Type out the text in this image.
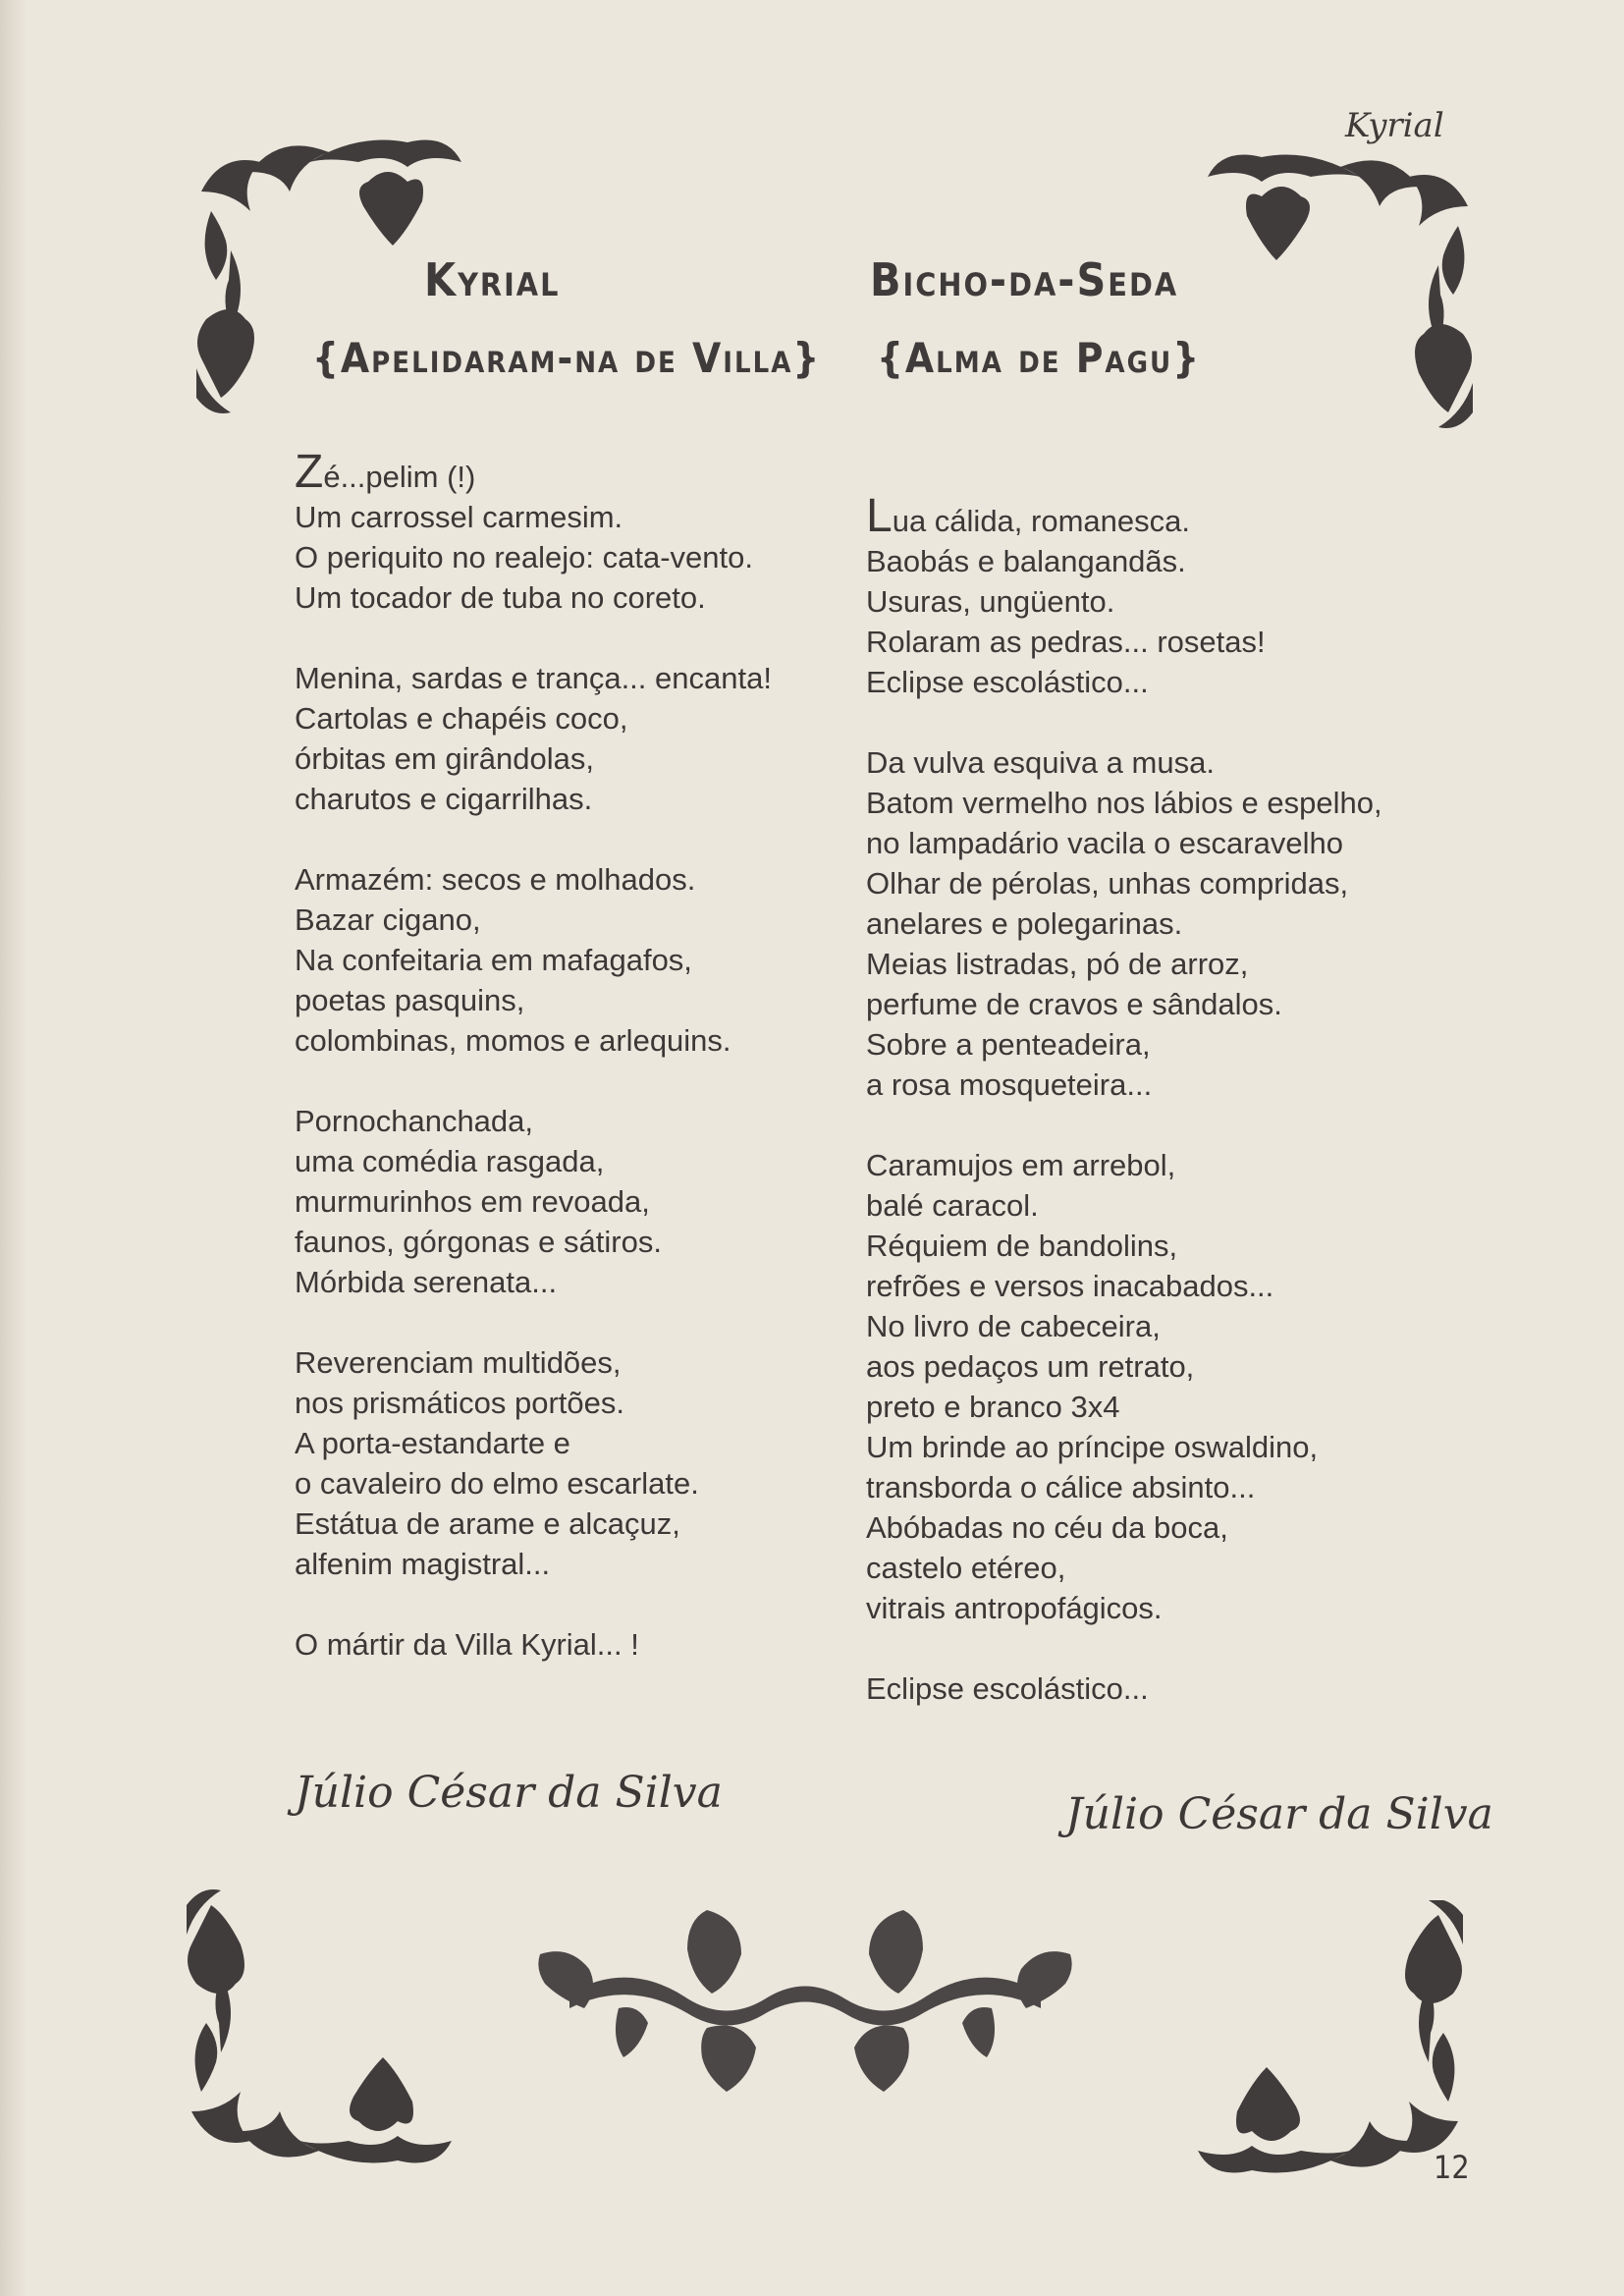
Kyrial
Kyrial
{Apelidaram-na de Villa}
Zé...pelim (!)
Um carrossel carmesim.
O periquito no realejo: cata-vento.
Um tocador de tuba no coreto.
Menina, sardas e trança... encanta!
Cartolas e chapéis coco,
órbitas em girândolas,
charutos e cigarrilhas.
Armazém: secos e molhados.
Bazar cigano,
Na confeitaria em mafagafos,
poetas pasquins,
colombinas, momos e arlequins.
Pornochanchada,
uma comédia rasgada,
murmurinhos em revoada,
faunos, górgonas e sátiros.
Mórbida serenata...
Reverenciam multidões,
nos prismáticos portões.
A porta-estandarte e
o cavaleiro do elmo escarlate.
Estátua de arame e alcaçuz,
alfenim magistral...
O mártir da Villa Kyrial... !
Júlio César da Silva
Bicho-da-Seda
{Alma de Pagu}
Lua cálida, romanesca.
Baobás e balangandãs.
Usuras, ungüento.
Rolaram as pedras... rosetas!
Eclipse escolástico...
Da vulva esquiva a musa.
Batom vermelho nos lábios e espelho,
no lampadário vacila o escaravelho
Olhar de pérolas, unhas compridas,
anelares e polegarinas.
Meias listradas, pó de arroz,
perfume de cravos e sândalos.
Sobre a penteadeira,
a rosa mosqueteira...
Caramujos em arrebol,
balé caracol.
Réquiem de bandolins,
refrões e versos inacabados...
No livro de cabeceira,
aos pedaços um retrato,
preto e branco 3x4
Um brinde ao príncipe oswaldino,
transborda o cálice absinto...
Abóbadas no céu da boca,
castelo etéreo,
vitrais antropofágicos.
Eclipse escolástico...
Júlio César da Silva
12
